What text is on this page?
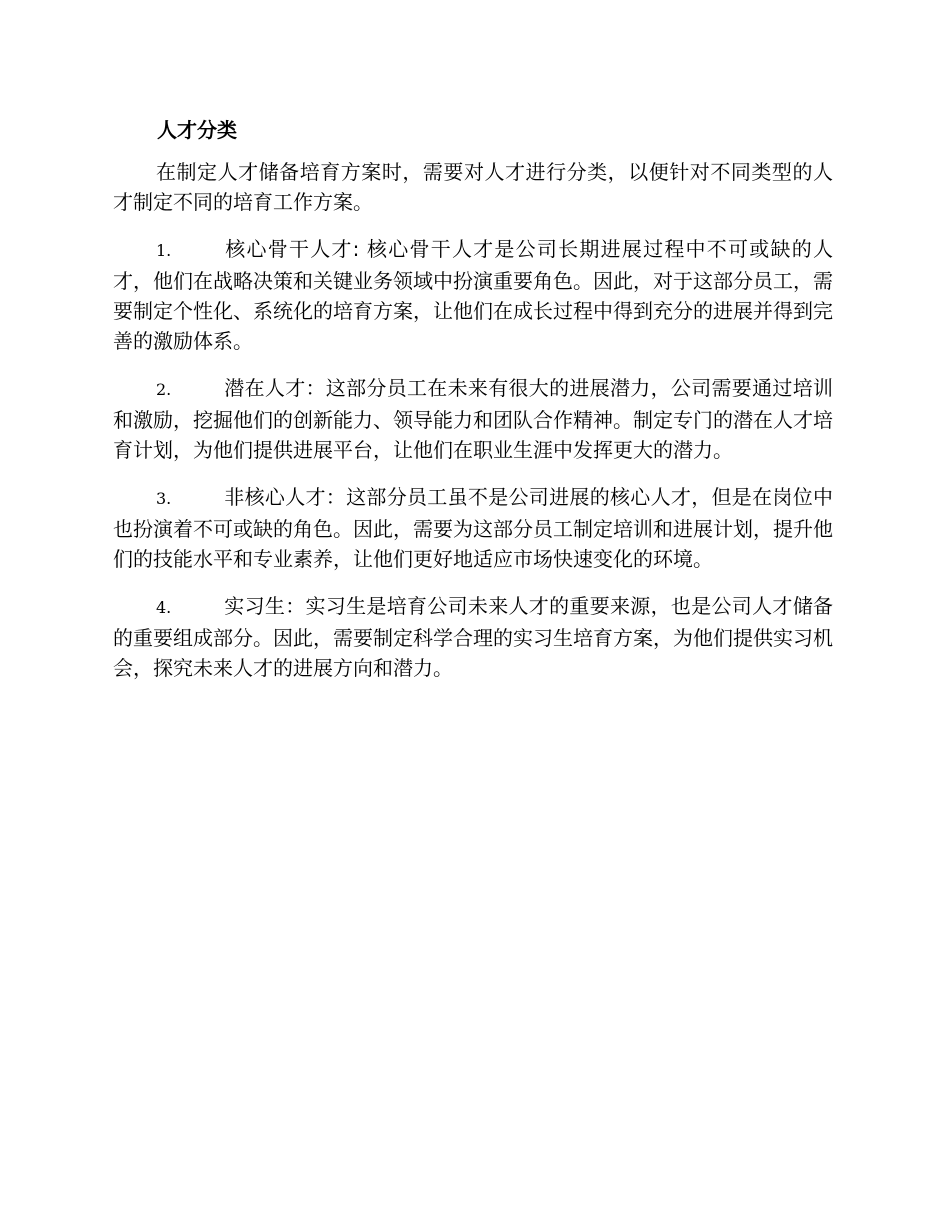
人才分类

在制定人才储备培育方案时，需要对人才进行分类，以便针对不同类型的人才制定不同的培育工作方案。

1.	核心骨干人才: 核心骨干人才是公司长期进展过程中不可或缺的人才，他们在战略决策和关键业务领域中扮演重要角色。因此，对于这部分员工，需要制定个性化、系统化的培育方案，让他们在成长过程中得到充分的进展并得到完善的激励体系。

2.	潜在人才：这部分员工在未来有很大的进展潜力，公司需要通过培训和激励，挖掘他们的创新能力、领导能力和团队合作精神。制定专门的潜在人才培育计划，为他们提供进展平台，让他们在职业生涯中发挥更大的潜力。

3.	非核心人才：这部分员工虽不是公司进展的核心人才，但是在岗位中也扮演着不可或缺的角色。因此，需要为这部分员工制定培训和进展计划，提升他们的技能水平和专业素养，让他们更好地适应市场快速变化的环境。

4.	实习生：实习生是培育公司未来人才的重要来源，也是公司人才储备的重要组成部分。因此，需要制定科学合理的实习生培育方案，为他们提供实习机会，探究未来人才的进展方向和潜力。
